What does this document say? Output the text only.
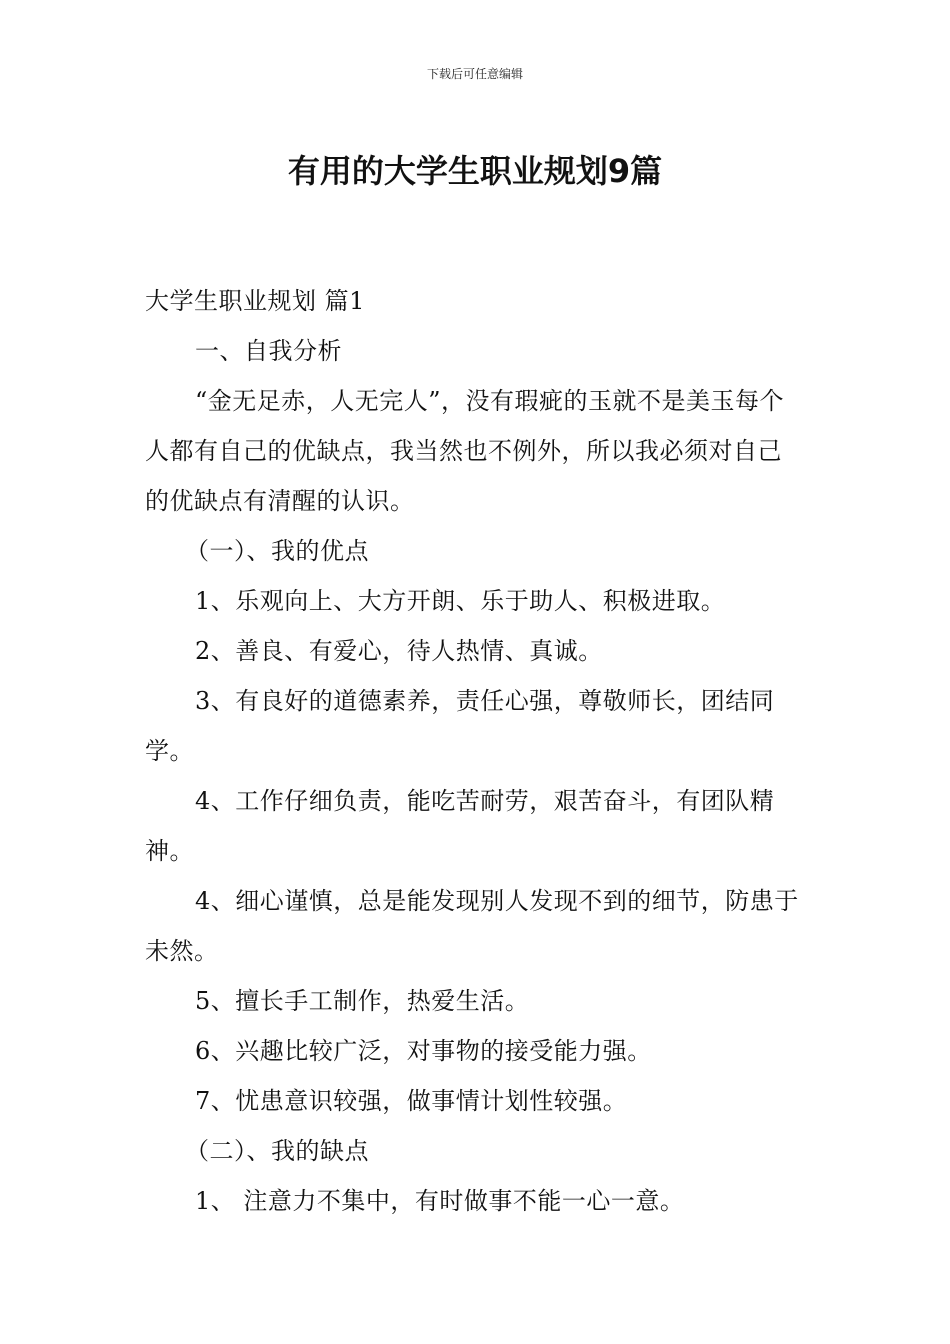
下载后可任意编辑
有用的大学生职业规划9篇

大学生职业规划 篇1

一、自我分析

“金无足赤，人无完人”，没有瑕疵的玉就不是美玉每个人都有自己的优缺点，我当然也不例外，所以我必须对自己的优缺点有清醒的认识。

（一）、我的优点

1、乐观向上、大方开朗、乐于助人、积极进取。

2、善良、有爱心，待人热情、真诚。

3、有良好的道德素养，责任心强，尊敬师长，团结同学。

4、工作仔细负责，能吃苦耐劳，艰苦奋斗，有团队精神。

4、细心谨慎，总是能发现别人发现不到的细节，防患于未然。

5、擅长手工制作，热爱生活。

6、兴趣比较广泛，对事物的接受能力强。

7、忧患意识较强，做事情计划性较强。

（二）、我的缺点

1、 注意力不集中，有时做事不能一心一意。
